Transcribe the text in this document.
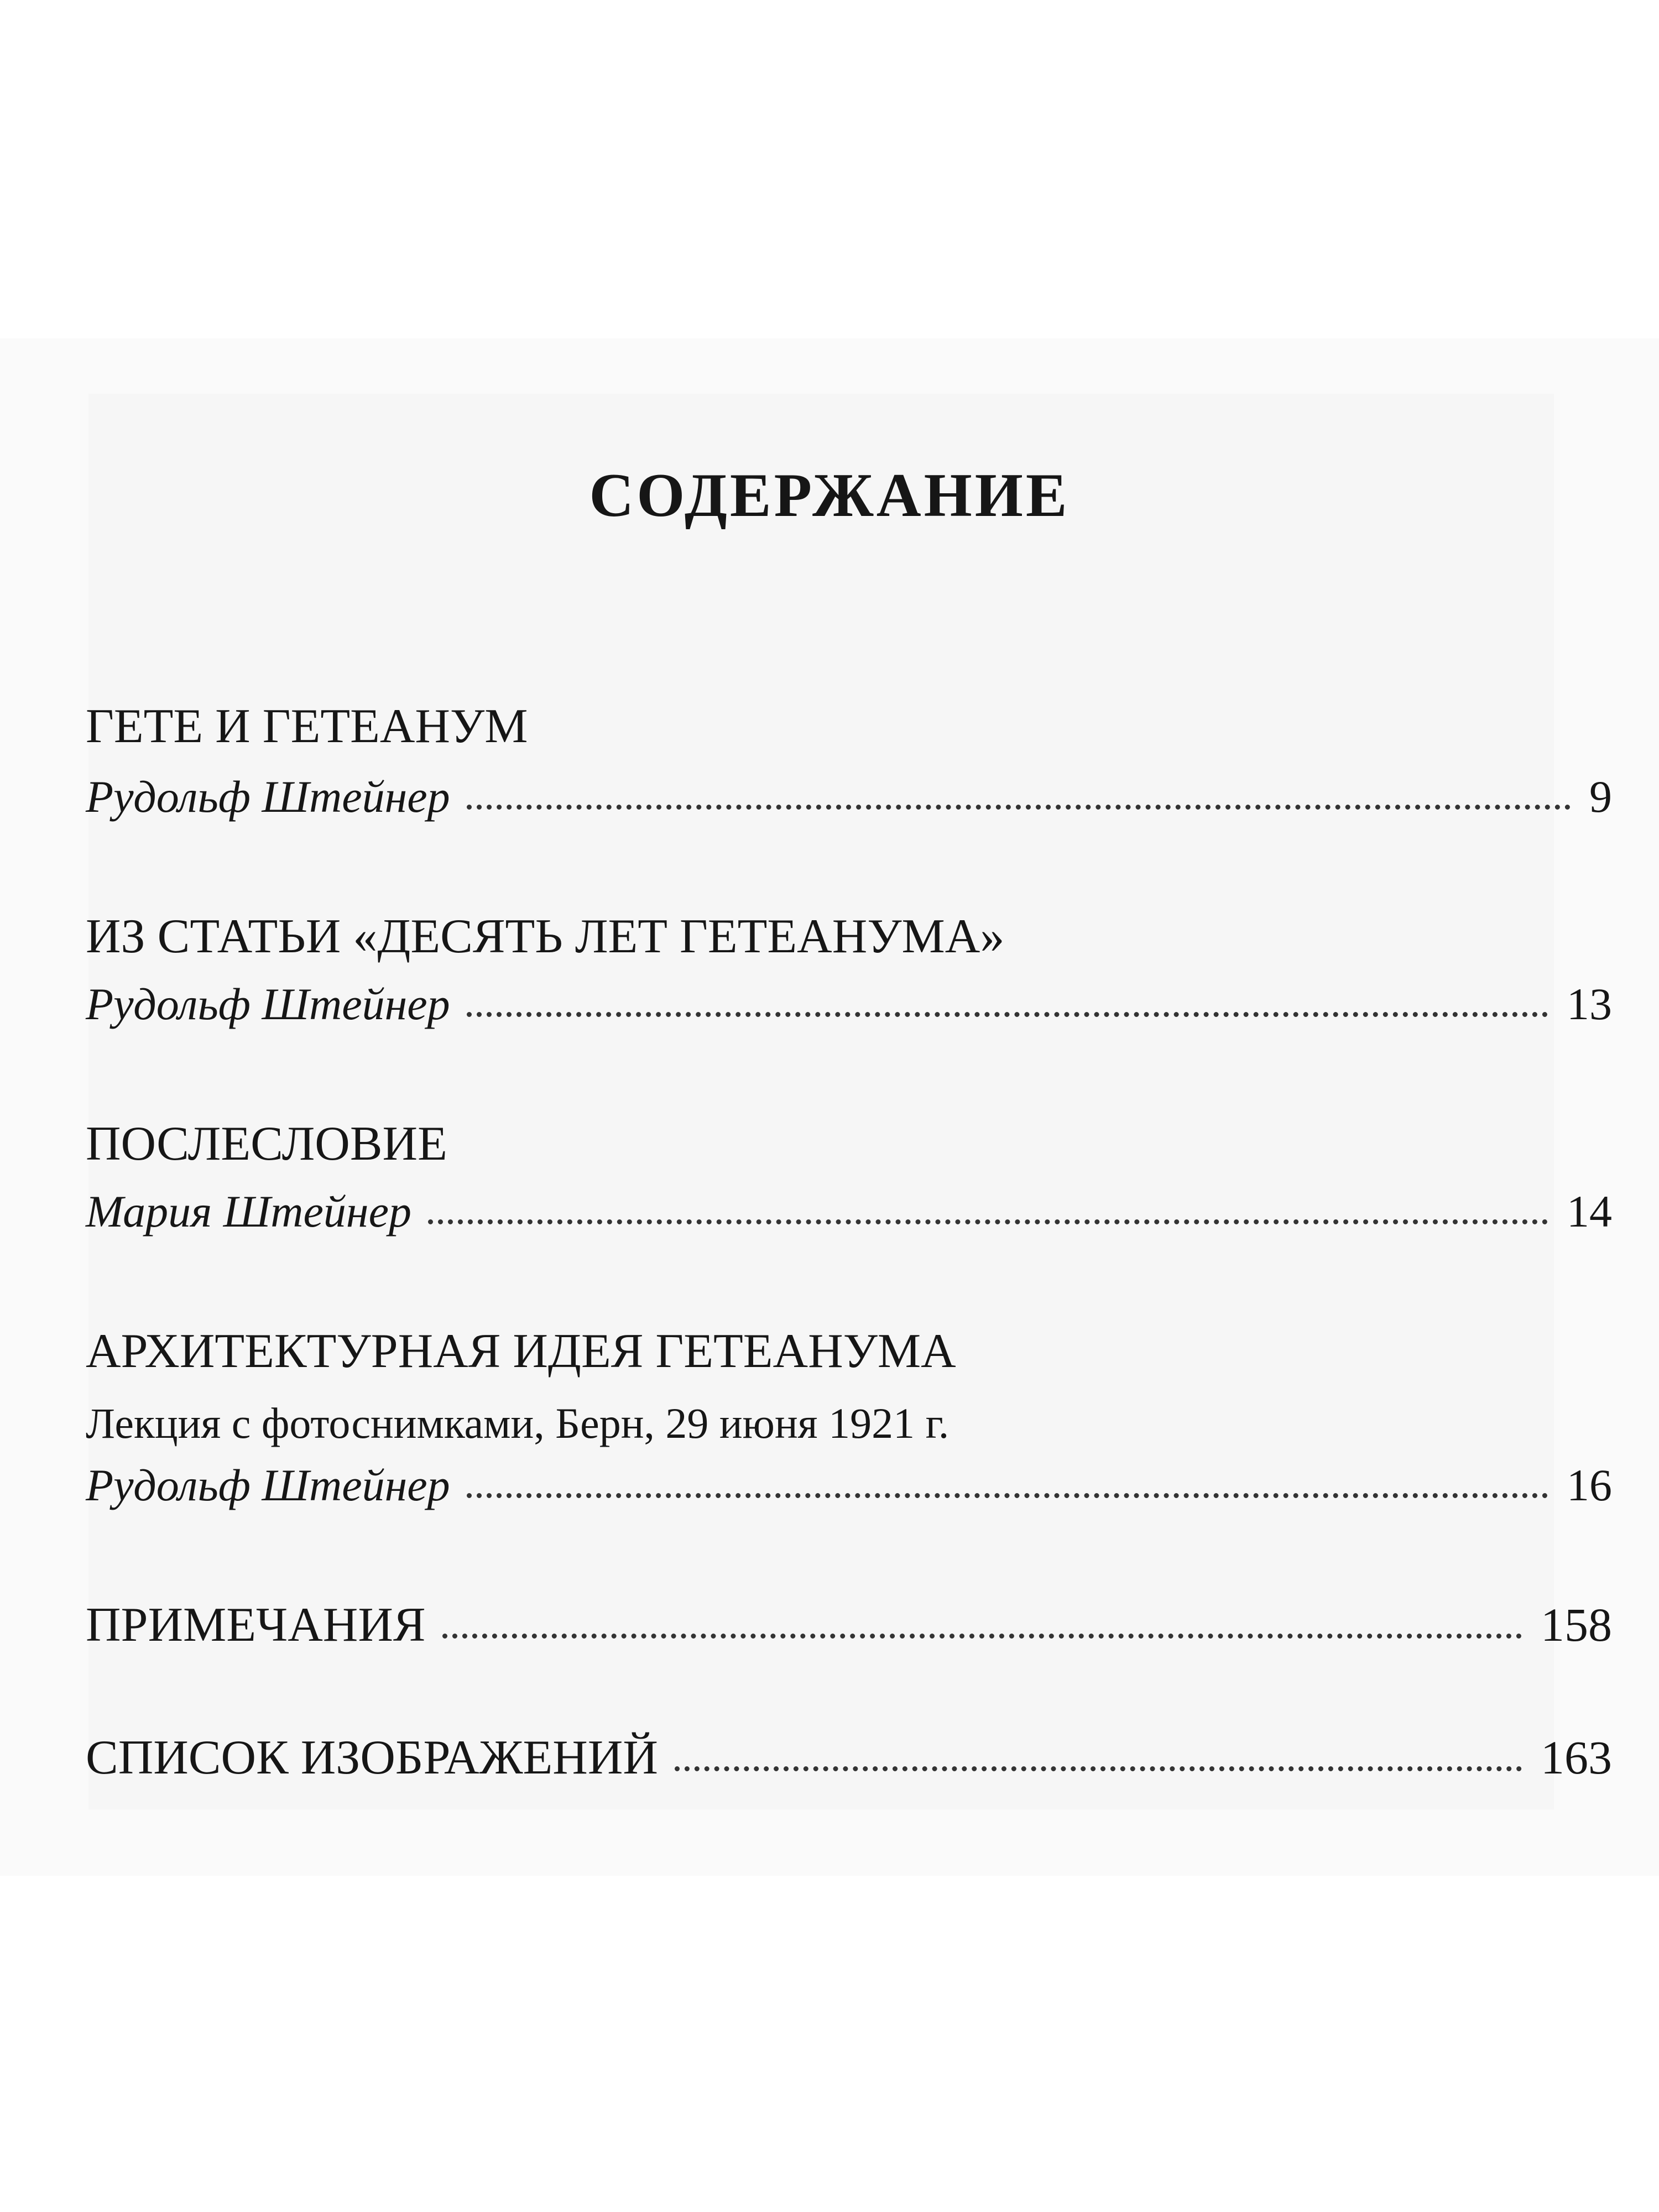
СОДЕРЖАНИЕ
ГЕТЕ И ГЕТЕАНУМ
Рудольф Штейнер	9
ИЗ СТАТЬИ «ДЕСЯТЬ ЛЕТ ГЕТЕАНУМА»
Рудольф Штейнер	13
ПОСЛЕСЛОВИЕ
Мария Штейнер	14
АРХИТЕКТУРНАЯ ИДЕЯ ГЕТЕАНУМА
Лекция с фотоснимками, Берн, 29 июня 1921 г.
Рудольф Штейнер	16
ПРИМЕЧАНИЯ	158
СПИСОК ИЗОБРАЖЕНИЙ	163
